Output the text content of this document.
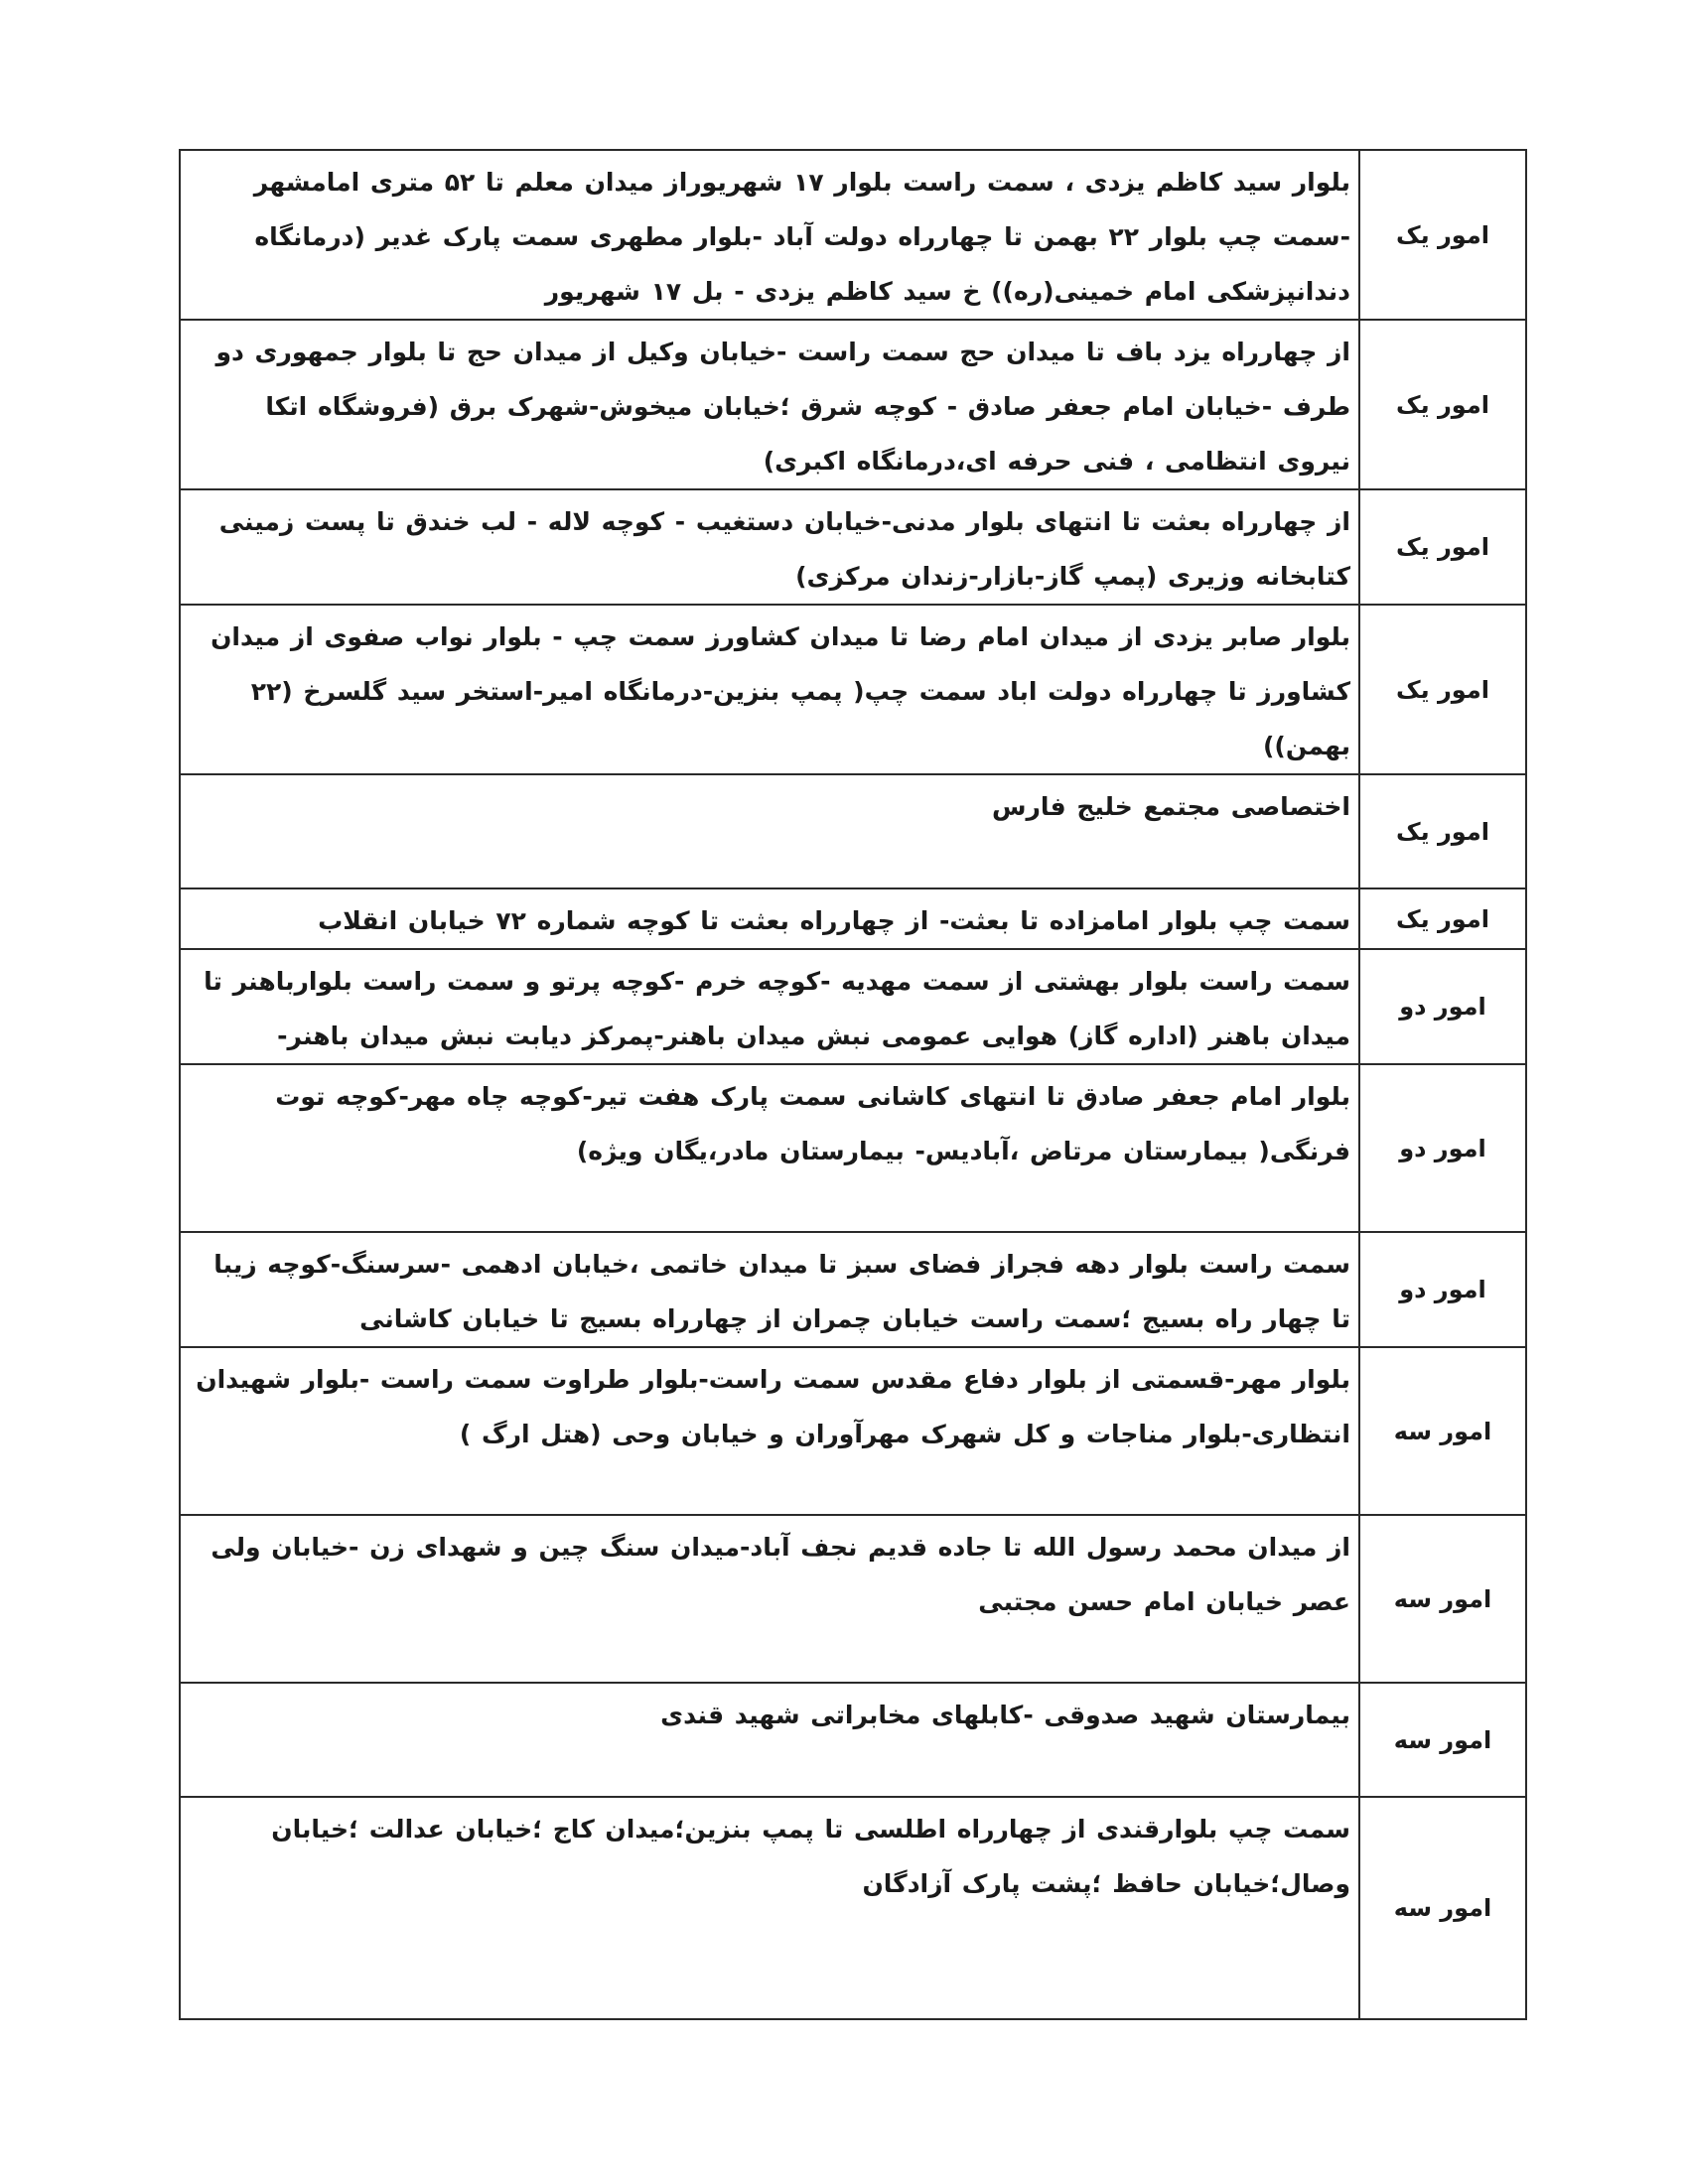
امور یک	بلوار سید کاظم یزدی ، سمت راست بلوار ۱۷ شهریوراز میدان معلم تا ۵۲ متری امامشهر -سمت چپ بلوار ۲۲ بهمن تا چهارراه دولت آباد -بلوار مطهری سمت پارک غدیر (درمانگاه دندانپزشکی امام خمینی(ره)) خ سید کاظم یزدی - بل ۱۷ شهریور
امور یک	از چهارراه یزد باف تا میدان حج سمت راست -خیابان وکیل از میدان حج تا بلوار جمهوری دو طرف -خیابان امام جعفر صادق - کوچه شرق ؛خیابان میخوش-شهرک برق (فروشگاه اتکا نیروی انتظامی ، فنی حرفه ای،درمانگاه اکبری)
امور یک	از چهارراه بعثت تا انتهای بلوار مدنی-خیابان دستغیب - کوچه لاله - لب خندق تا پست زمینی کتابخانه وزیری (پمپ گاز-بازار-زندان مرکزی)
امور یک	بلوار صابر یزدی از میدان امام رضا تا میدان کشاورز سمت چپ - بلوار نواب صفوی از میدان کشاورز تا چهارراه دولت اباد سمت چپ( پمپ بنزین-درمانگاه امیر-استخر سید گلسرخ (۲۲ بهمن))
امور یک	اختصاصی مجتمع خلیج فارس
امور یک	سمت چپ بلوار امامزاده تا بعثت- از چهارراه بعثت تا کوچه شماره ۷۲ خیابان انقلاب
امور دو	سمت راست بلوار بهشتی از سمت مهدیه -کوچه خرم -کوچه پرتو و سمت راست بلوارباهنر تا میدان باهنر (اداره گاز) هوایی عمومی نبش میدان باهنر-پمرکز دیابت نبش میدان باهنر-
امور دو	بلوار امام جعفر صادق تا انتهای کاشانی سمت پارک هفت تیر-کوچه چاه مهر-کوچه توت فرنگی( بیمارستان مرتاض ،آبادیس- بیمارستان مادر،یگان ویژه)
امور دو	سمت راست بلوار دهه فجراز فضای سبز تا میدان خاتمی ،خیابان ادهمی -سرسنگ-کوچه زیبا تا چهار راه بسیج ؛سمت راست خیابان چمران از چهارراه بسیج تا خیابان کاشانی
امور سه	بلوار مهر-قسمتی از بلوار دفاع مقدس سمت راست-بلوار طراوت سمت راست -بلوار شهیدان انتظاری-بلوار مناجات و کل شهرک مهرآوران و خیابان وحی (هتل ارگ )
امور سه	از میدان محمد رسول الله تا جاده قدیم نجف آباد-میدان سنگ چین و شهدای زن -خیابان ولی عصر خیابان امام حسن مجتبی
امور سه	بیمارستان شهید صدوقی -کابلهای مخابراتی شهید قندی
امور سه	سمت چپ بلوارقندی از چهارراه اطلسی تا پمپ بنزین؛میدان کاج ؛خیابان عدالت ؛خیابان وصال؛خیابان حافظ ؛پشت پارک آزادگان
